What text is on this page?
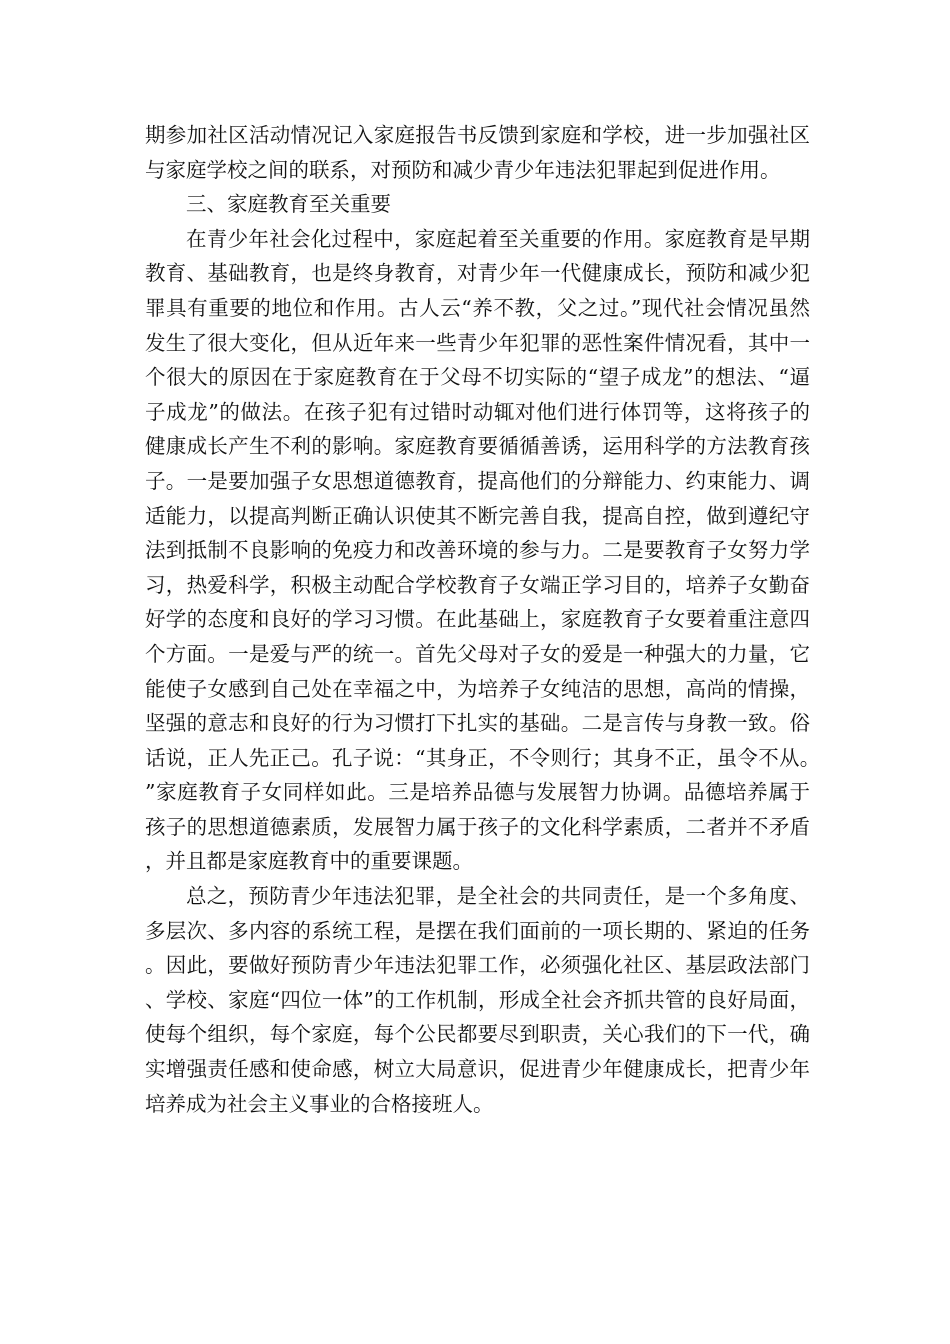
期参加社区活动情况记入家庭报告书反馈到家庭和学校，进一步加强社区与家庭学校之间的联系，对预防和减少青少年违法犯罪起到促进作用。

三、家庭教育至关重要

在青少年社会化过程中，家庭起着至关重要的作用。家庭教育是早期教育、基础教育，也是终身教育，对青少年一代健康成长，预防和减少犯罪具有重要的地位和作用。古人云“养不教，父之过。”现代社会情况虽然发生了很大变化，但从近年来一些青少年犯罪的恶性案件情况看，其中一个很大的原因在于家庭教育在于父母不切实际的“望子成龙”的想法、“逼子成龙”的做法。在孩子犯有过错时动辄对他们进行体罚等，这将孩子的健康成长产生不利的影响。家庭教育要循循善诱，运用科学的方法教育孩子。一是要加强子女思想道德教育，提高他们的分辩能力、约束能力、调适能力，以提高判断正确认识使其不断完善自我，提高自控，做到遵纪守法到抵制不良影响的免疫力和改善环境的参与力。二是要教育子女努力学习，热爱科学，积极主动配合学校教育子女端正学习目的，培养子女勤奋好学的态度和良好的学习习惯。在此基础上，家庭教育子女要着重注意四个方面。一是爱与严的统一。首先父母对子女的爱是一种强大的力量，它能使子女感到自己处在幸福之中，为培养子女纯洁的思想，高尚的情操，坚强的意志和良好的行为习惯打下扎实的基础。二是言传与身教一致。俗话说，正人先正己。孔子说：“其身正，不令则行；其身不正，虽令不从。”家庭教育子女同样如此。三是培养品德与发展智力协调。品德培养属于孩子的思想道德素质，发展智力属于孩子的文化科学素质，二者并不矛盾，并且都是家庭教育中的重要课题。

总之，预防青少年违法犯罪，是全社会的共同责任，是一个多角度、多层次、多内容的系统工程，是摆在我们面前的一项长期的、紧迫的任务。因此，要做好预防青少年违法犯罪工作，必须强化社区、基层政法部门、学校、家庭“四位一体”的工作机制，形成全社会齐抓共管的良好局面，使每个组织，每个家庭，每个公民都要尽到职责，关心我们的下一代，确实增强责任感和使命感，树立大局意识，促进青少年健康成长，把青少年培养成为社会主义事业的合格接班人。
